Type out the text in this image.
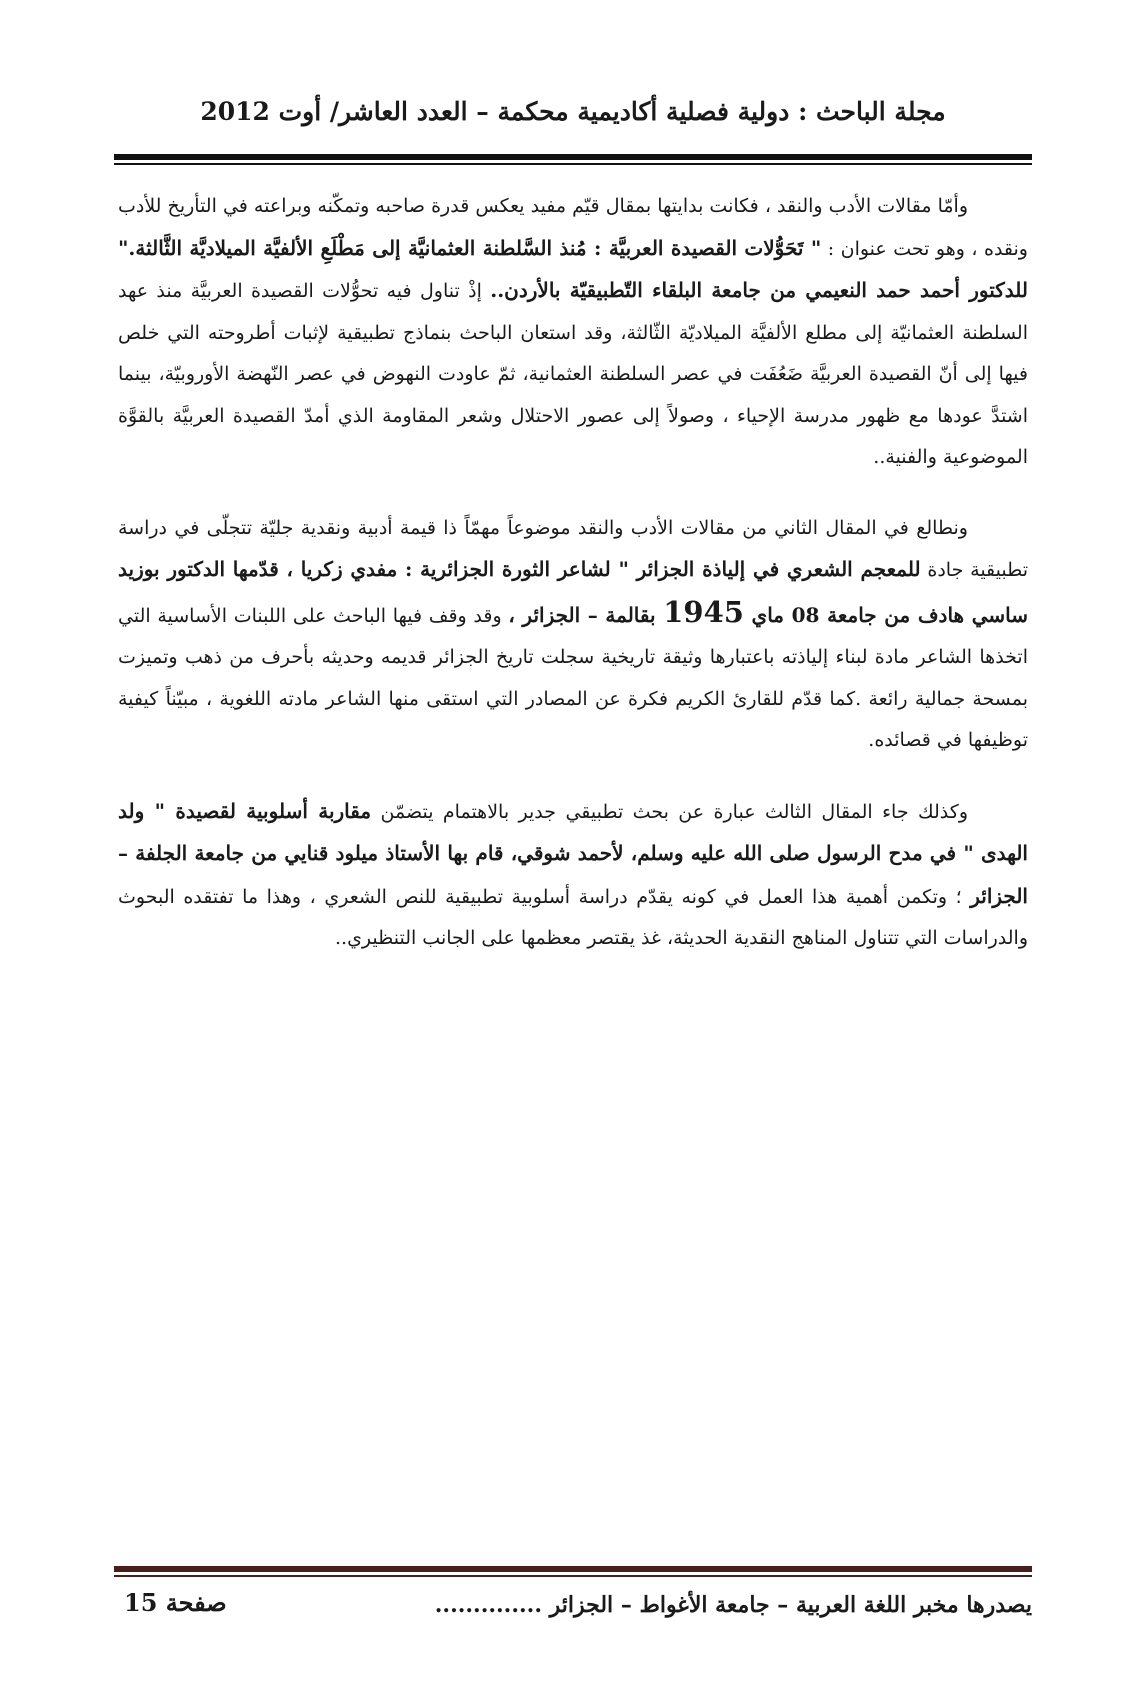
مجلة الباحث : دولية فصلية أكاديمية محكمة – العدد العاشر/ أوت 2012

وأمّا مقالات الأدب والنقد ، فكانت بدايتها بمقال قيّم مفيد يعكس قدرة صاحبه وتمكّنه وبراعته في التأريخ للأدب ونقده ، وهو تحت عنوان : " تَحَوُّلات القصيدة العربيَّة : مُنذ السَّلطنة العثمانيَّة إلى مَطْلَعِ الألفيَّة الميلاديَّة الثَّالثة." للدكتور أحمد حمد النعيمي من جامعة البلقاء التّطبيقيّة بالأردن.. إذْ تناول فيه تحوُّلات القصيدة العربيَّة منذ عهد السلطنة العثمانيّة إلى مطلع الألفيَّة الميلاديّة الثّالثة، وقد استعان الباحث بنماذج تطبيقية لإثبات أطروحته التي خلص فيها إلى أنّ القصيدة العربيَّة ضَعُفَت في عصر السلطنة العثمانية، ثمّ عاودت النهوض في عصر النّهضة الأوروبيّة، بينما اشتدَّ عودها مع ظهور مدرسة الإحياء ، وصولاً إلى عصور الاحتلال وشعر المقاومة الذي أمدّ القصيدة العربيَّة بالقوَّة الموضوعية والفنية..

ونطالع في المقال الثاني من مقالات الأدب والنقد موضوعاً مهمّاً ذا قيمة أدبية ونقدية جليّة تتجلّى في دراسة تطبيقية جادة للمعجم الشعري في إلياذة الجزائر " لشاعر الثورة الجزائرية : مفدي زكريا ، قدّمها الدكتور بوزيد ساسي هادف من جامعة 08 ماي 1945 بقالمة – الجزائر ، وقد وقف فيها الباحث على اللبنات الأساسية التي اتخذها الشاعر مادة لبناء إلياذته باعتبارها وثيقة تاريخية سجلت تاريخ الجزائر قديمه وحديثه بأحرف من ذهب وتميزت بمسحة جمالية رائعة .كما قدّم للقارئ الكريم فكرة عن المصادر التي استقى منها الشاعر مادته اللغوية ، مبيّناً كيفية توظيفها في قصائده.

وكذلك جاء المقال الثالث عبارة عن بحث تطبيقي جدير بالاهتمام يتضمّن مقاربة أسلوبية لقصيدة " ولد الهدى " في مدح الرسول صلى الله عليه وسلم، لأحمد شوقي، قام بها الأستاذ ميلود قنايي من جامعة الجلفة – الجزائر ؛ وتكمن أهمية هذا العمل في كونه يقدّم دراسة أسلوبية تطبيقية للنص الشعري ، وهذا ما تفتقده البحوث والدراسات التي تتناول المناهج النقدية الحديثة، غذ يقتصر معظمها على الجانب التنظيري..

يصدرها مخبر اللغة العربية – جامعة الأغواط – الجزائر ..............
صفحة 15
